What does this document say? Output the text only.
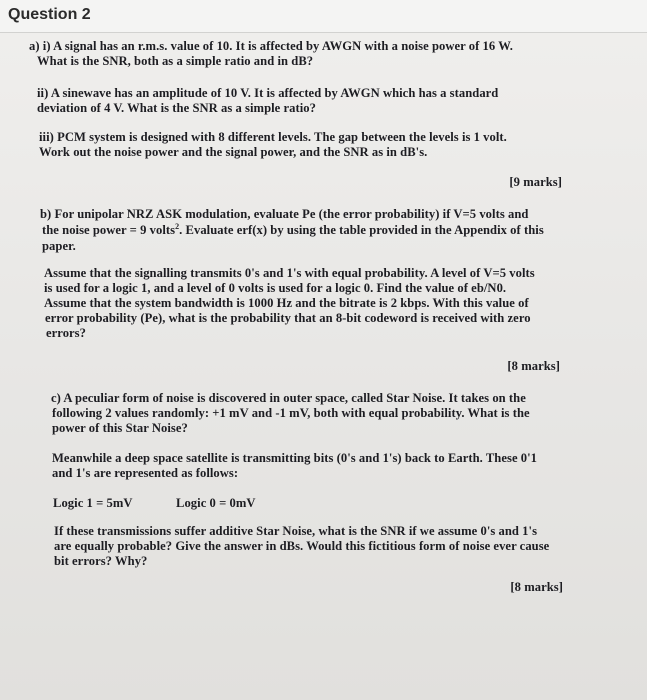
Question 2

a) i) A signal has an r.m.s. value of 10. It is affected by AWGN with a noise power of 16 W.

What is the SNR, both as a simple ratio and in dB?

ii) A sinewave has an amplitude of 10 V. It is affected by AWGN which has a standard

deviation of 4 V. What is the SNR as a simple ratio?

iii) PCM system is designed with 8 different levels. The gap between the levels is 1 volt.

Work out the noise power and the signal power, and the SNR as in dB's.

[9 marks]

b) For unipolar NRZ ASK modulation, evaluate Pe (the error probability) if V=5 volts and

the noise power = 9 volts$^2$. Evaluate erf(x) by using the table provided in the Appendix of this

paper.

Assume that the signalling transmits 0's and 1's with equal probability. A level of V=5 volts

is used for a logic 1, and a level of 0 volts is used for a logic 0. Find the value of eb/N0.

Assume that the system bandwidth is 1000 Hz and the bitrate is 2 kbps. With this value of

error probability (Pe), what is the probability that an 8-bit codeword is received with zero

errors?

[8 marks]

c) A peculiar form of noise is discovered in outer space, called Star Noise. It takes on the

following 2 values randomly: +1 mV and -1 mV, both with equal probability. What is the

power of this Star Noise?

Meanwhile a deep space satellite is transmitting bits (0's and 1's) back to Earth. These 0'1

and 1's are represented as follows:

Logic 1 = 5mV	Logic 0 = 0mV

If these transmissions suffer additive Star Noise, what is the SNR if we assume 0's and 1's

are equally probable? Give the answer in dBs. Would this fictitious form of noise ever cause

bit errors? Why?

[8 marks]
